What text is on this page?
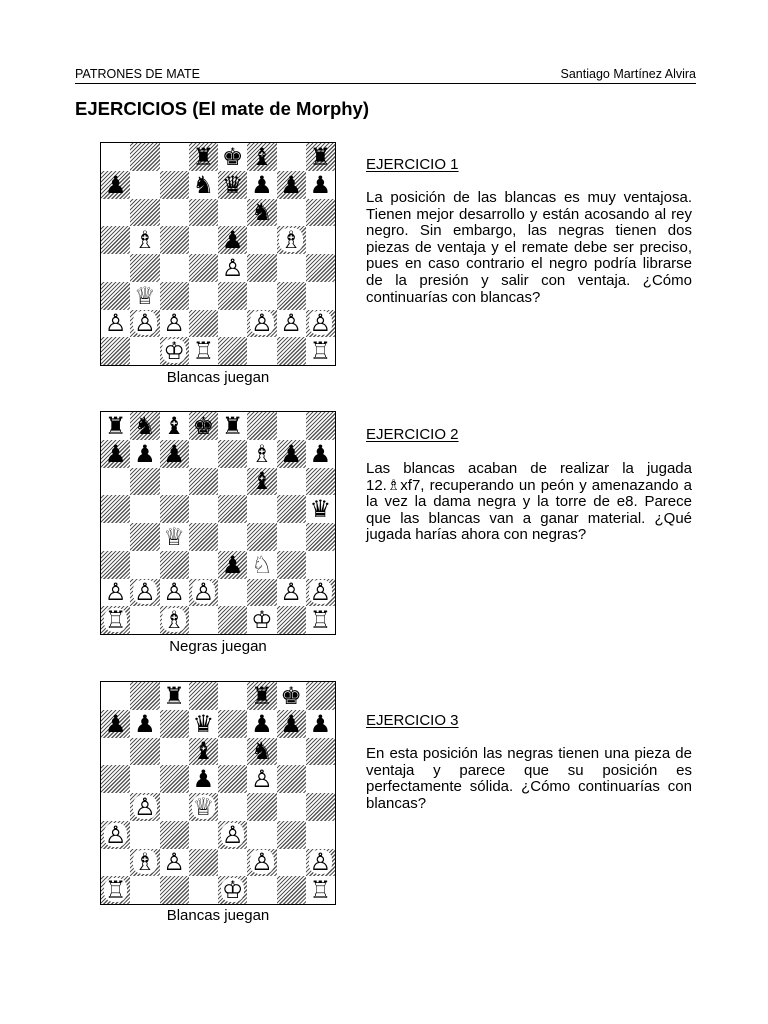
PATRONES DE MATE	Santiago Martínez Alvira
EJERCICIOS (El mate de Morphy)
♜ ♚ ♝ ♜
♟	♞ ♛ ♟ ♟ ♟
♞
♗	♟ ♗
♙
♕
♙ ♙ ♙	♙ ♙ ♙
♔ ♖	♖
Blancas juegan
EJERCICIO 1
La posición de las blancas es muy ventajosa. Tienen mejor desarrollo y están acosando al rey negro. Sin embargo, las negras tienen dos piezas de ventaja y el remate debe ser preciso, pues en caso contrario el negro podría librarse de la presión y salir con ventaja. ¿Cómo continuarías con blancas?
♜ ♞ ♝ ♚ ♜
♟ ♟ ♟	♗ ♟ ♟
♝
♛
♕
♟ ♘
♙ ♙ ♙ ♙	♙ ♙
♖ ♗	♔ ♖
Negras juegan
EJERCICIO 2
Las blancas acaban de realizar la jugada 12.♗xf7, recuperando un peón y amenazando a la vez la dama negra y la torre de e8. Parece que las blancas van a ganar material. ¿Qué jugada harías ahora con negras?
♜	♜ ♚
♟ ♟ ♛ ♟ ♟ ♟
♝ ♞
♟ ♙
♙ ♕
♙	♙
♗ ♙	♙ ♙
♖	♔	♖
Blancas juegan
EJERCICIO 3
En esta posición las negras tienen una pieza de ventaja y parece que su posición es perfectamente sólida. ¿Cómo continuarías con blancas?
